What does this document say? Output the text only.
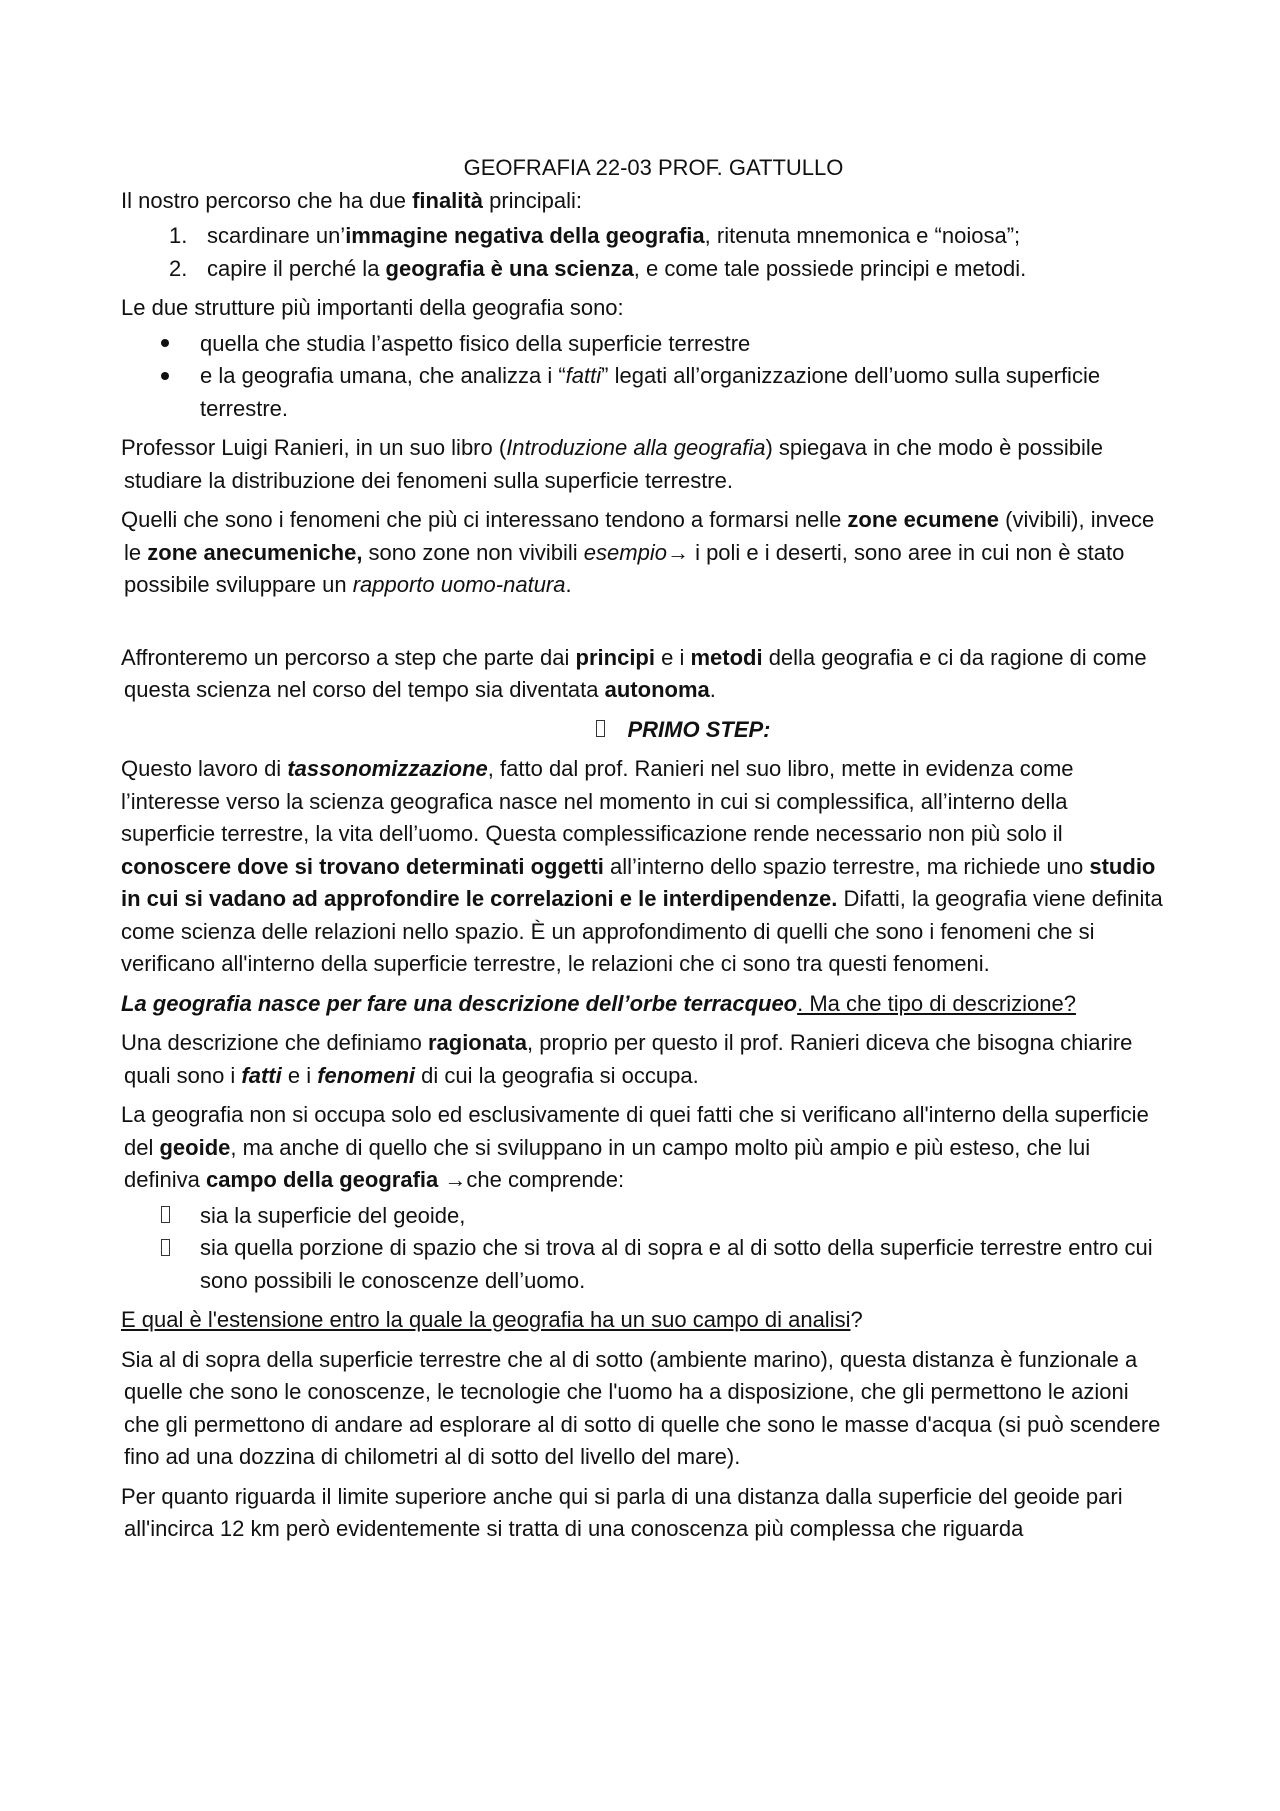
GEOFRAFIA 22-03 PROF. GATTULLO

Il nostro percorso che ha due finalità principali:

1. scardinare un’immagine negativa della geografia, ritenuta mnemonica e “noiosa”;
2. capire il perché la geografia è una scienza, e come tale possiede principi e metodi.

Le due strutture più importanti della geografia sono:

quella che studia l’aspetto fisico della superficie terrestre
e la geografia umana, che analizza i “fatti” legati all’organizzazione dell’uomo sulla superficie terrestre.

Professor Luigi Ranieri, in un suo libro (Introduzione alla geografia) spiegava in che modo è possibile studiare la distribuzione dei fenomeni sulla superficie terrestre.

Quelli che sono i fenomeni che più ci interessano tendono a formarsi nelle zone ecumene (vivibili), invece le zone anecumeniche, sono zone non vivibili esempio→ i poli e i deserti, sono aree in cui non è stato possibile sviluppare un rapporto uomo-natura.

Affronteremo un percorso a step che parte dai principi e i metodi della geografia e ci da ragione di come questa scienza nel corso del tempo sia diventata autonoma.

PRIMO STEP:

Questo lavoro di tassonomizzazione, fatto dal prof. Ranieri nel suo libro, mette in evidenza come l’interesse verso la scienza geografica nasce nel momento in cui si complessifica, all’interno della superficie terrestre, la vita dell’uomo. Questa complessificazione rende necessario non più solo il conoscere dove si trovano determinati oggetti all’interno dello spazio terrestre, ma richiede uno studio in cui si vadano ad approfondire le correlazioni e le interdipendenze. Difatti, la geografia viene definita come scienza delle relazioni nello spazio. È un approfondimento di quelli che sono i fenomeni che si verificano all'interno della superficie terrestre, le relazioni che ci sono tra questi fenomeni.

La geografia nasce per fare una descrizione dell’orbe terracqueo. Ma che tipo di descrizione?

Una descrizione che definiamo ragionata, proprio per questo il prof. Ranieri diceva che bisogna chiarire quali sono i fatti e i fenomeni di cui la geografia si occupa.

La geografia non si occupa solo ed esclusivamente di quei fatti che si verificano all'interno della superficie del geoide, ma anche di quello che si sviluppano in un campo molto più ampio e più esteso, che lui definiva campo della geografia →che comprende:

sia la superficie del geoide,
sia quella porzione di spazio che si trova al di sopra e al di sotto della superficie terrestre entro cui sono possibili le conoscenze dell’uomo.

E qual è l'estensione entro la quale la geografia ha un suo campo di analisi?

Sia al di sopra della superficie terrestre che al di sotto (ambiente marino), questa distanza è funzionale a quelle che sono le conoscenze, le tecnologie che l'uomo ha a disposizione, che gli permettono le azioni che gli permettono di andare ad esplorare al di sotto di quelle che sono le masse d'acqua (si può scendere fino ad una dozzina di chilometri al di sotto del livello del mare).

Per quanto riguarda il limite superiore anche qui si parla di una distanza dalla superficie del geoide pari all'incirca 12 km però evidentemente si tratta di una conoscenza più complessa che riguarda
